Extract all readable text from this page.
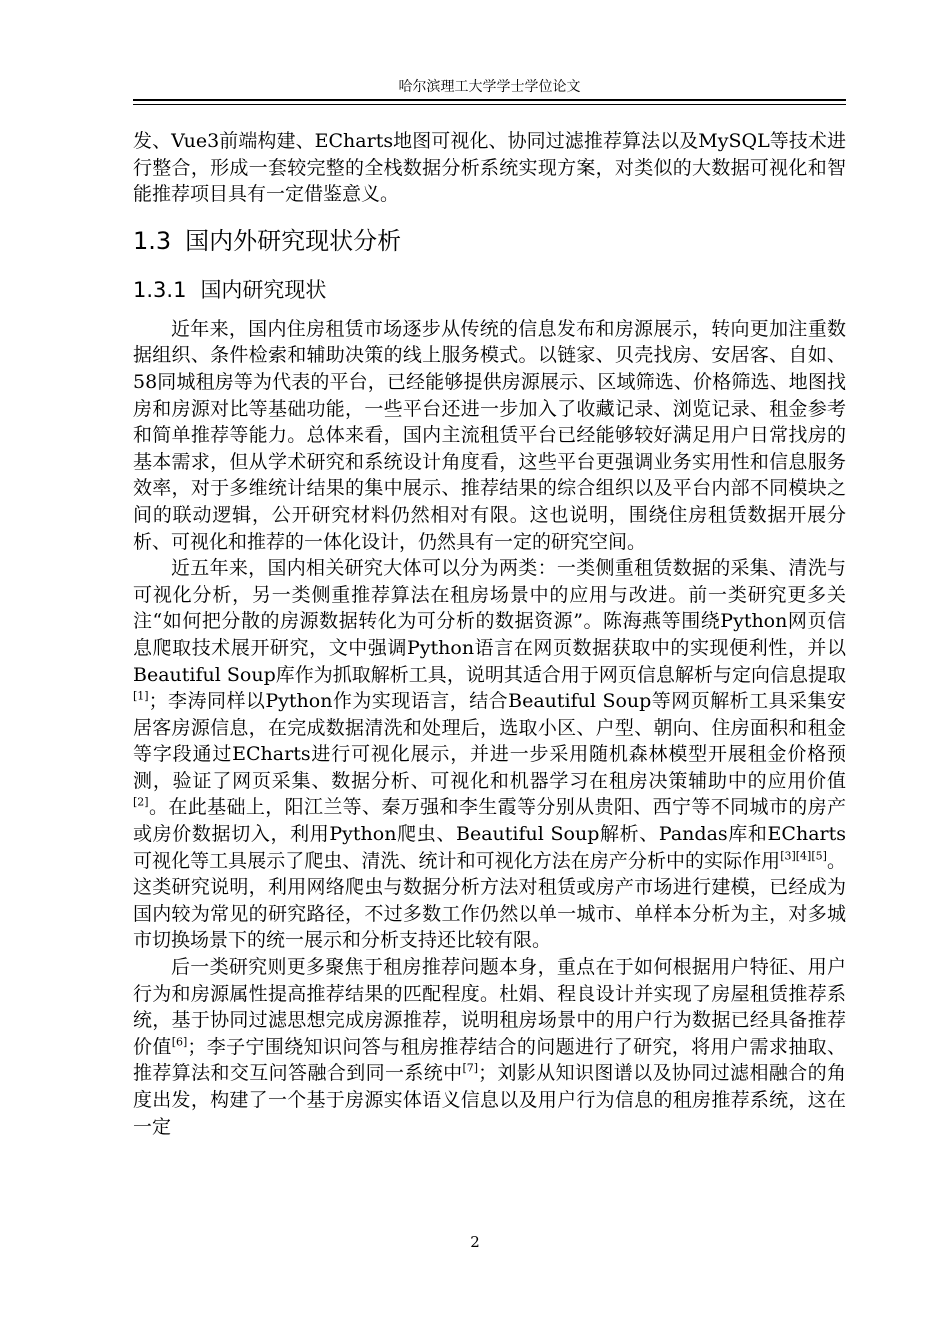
哈尔滨理工大学学士学位论文

发、Vue3前端构建、ECharts地图可视化、协同过滤推荐算法以及MySQL等技术进行整合，形成一套较完整的全栈数据分析系统实现方案，对类似的大数据可视化和智能推荐项目具有一定借鉴意义。

1.3 国内外研究现状分析
1.3.1 国内研究现状

近年来，国内住房租赁市场逐步从传统的信息发布和房源展示，转向更加注重数据组织、条件检索和辅助决策的线上服务模式。以链家、贝壳找房、安居客、自如、58同城租房等为代表的平台，已经能够提供房源展示、区域筛选、价格筛选、地图找房和房源对比等基础功能，一些平台还进一步加入了收藏记录、浏览记录、租金参考和简单推荐等能力。总体来看，国内主流租赁平台已经能够较好满足用户日常找房的基本需求，但从学术研究和系统设计角度看，这些平台更强调业务实用性和信息服务效率，对于多维统计结果的集中展示、推荐结果的综合组织以及平台内部不同模块之间的联动逻辑，公开研究材料仍然相对有限。这也说明，围绕住房租赁数据开展分析、可视化和推荐的一体化设计，仍然具有一定的研究空间。

近五年来，国内相关研究大体可以分为两类：一类侧重租赁数据的采集、清洗与可视化分析，另一类侧重推荐算法在租房场景中的应用与改进。前一类研究更多关注“如何把分散的房源数据转化为可分析的数据资源”。陈海燕等围绕Python网页信息爬取技术展开研究，文中强调Python语言在网页数据获取中的实现便利性，并以Beautiful Soup库作为抓取解析工具，说明其适合用于网页信息解析与定向信息提取[1]；李涛同样以Python作为实现语言，结合Beautiful Soup等网页解析工具采集安居客房源信息，在完成数据清洗和处理后，选取小区、户型、朝向、住房面积和租金等字段通过ECharts进行可视化展示，并进一步采用随机森林模型开展租金价格预测，验证了网页采集、数据分析、可视化和机器学习在租房决策辅助中的应用价值[2]。在此基础上，阳江兰等、秦万强和李生霞等分别从贵阳、西宁等不同城市的房产或房价数据切入，利用Python爬虫、Beautiful Soup解析、Pandas库和ECharts可视化等工具展示了爬虫、清洗、统计和可视化方法在房产分析中的实际作用[3][4][5]。这类研究说明，利用网络爬虫与数据分析方法对租赁或房产市场进行建模，已经成为国内较为常见的研究路径，不过多数工作仍然以单一城市、单样本分析为主，对多城市切换场景下的统一展示和分析支持还比较有限。

后一类研究则更多聚焦于租房推荐问题本身，重点在于如何根据用户特征、用户行为和房源属性提高推荐结果的匹配程度。杜娟、程良设计并实现了房屋租赁推荐系统，基于协同过滤思想完成房源推荐，说明租房场景中的用户行为数据已经具备推荐价值[6]；李子宁围绕知识问答与租房推荐结合的问题进行了研究，将用户需求抽取、推荐算法和交互问答融合到同一系统中[7]；刘影从知识图谱以及协同过滤相融合的角度出发，构建了一个基于房源实体语义信息以及用户行为信息的租房推荐系统，这在一定

2
